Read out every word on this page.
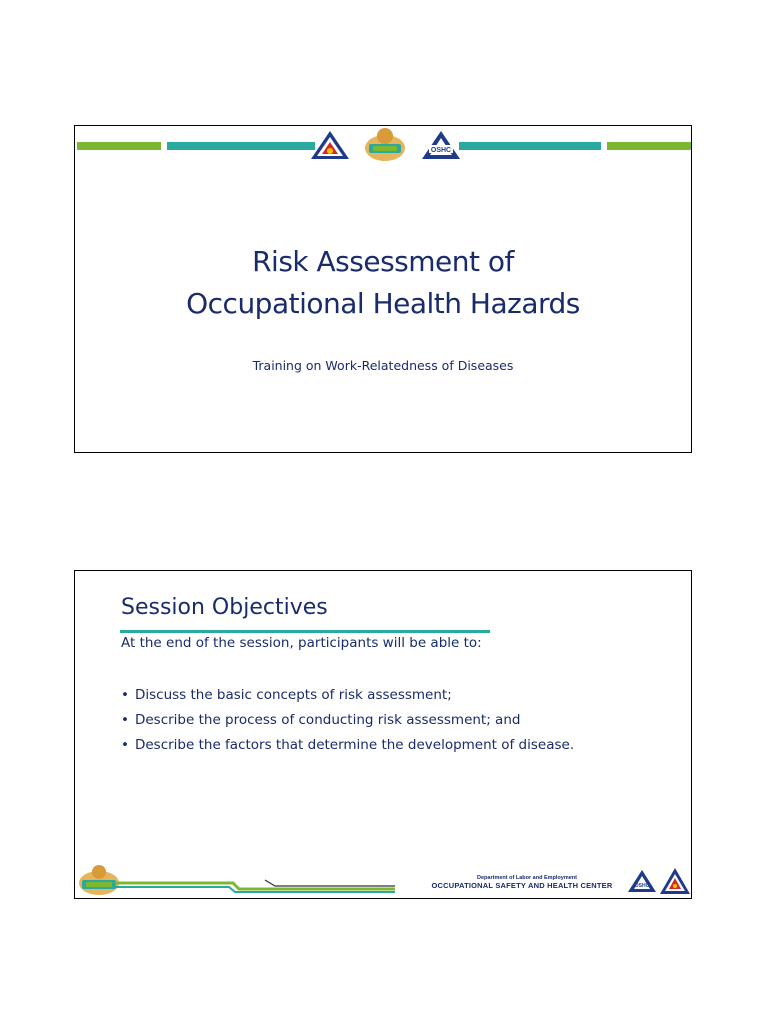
OSHC
Risk Assessment of
Occupational Health Hazards
Training on Work-Relatedness of Diseases
Session Objectives
At the end of the session, participants will be able to:
• Discuss the basic concepts of risk assessment;
• Describe the process of conducting risk assessment; and
• Describe the factors that determine the development of disease.
Department of Labor and Employment
OCCUPATIONAL SAFETY AND HEALTH CENTER	OSHC
